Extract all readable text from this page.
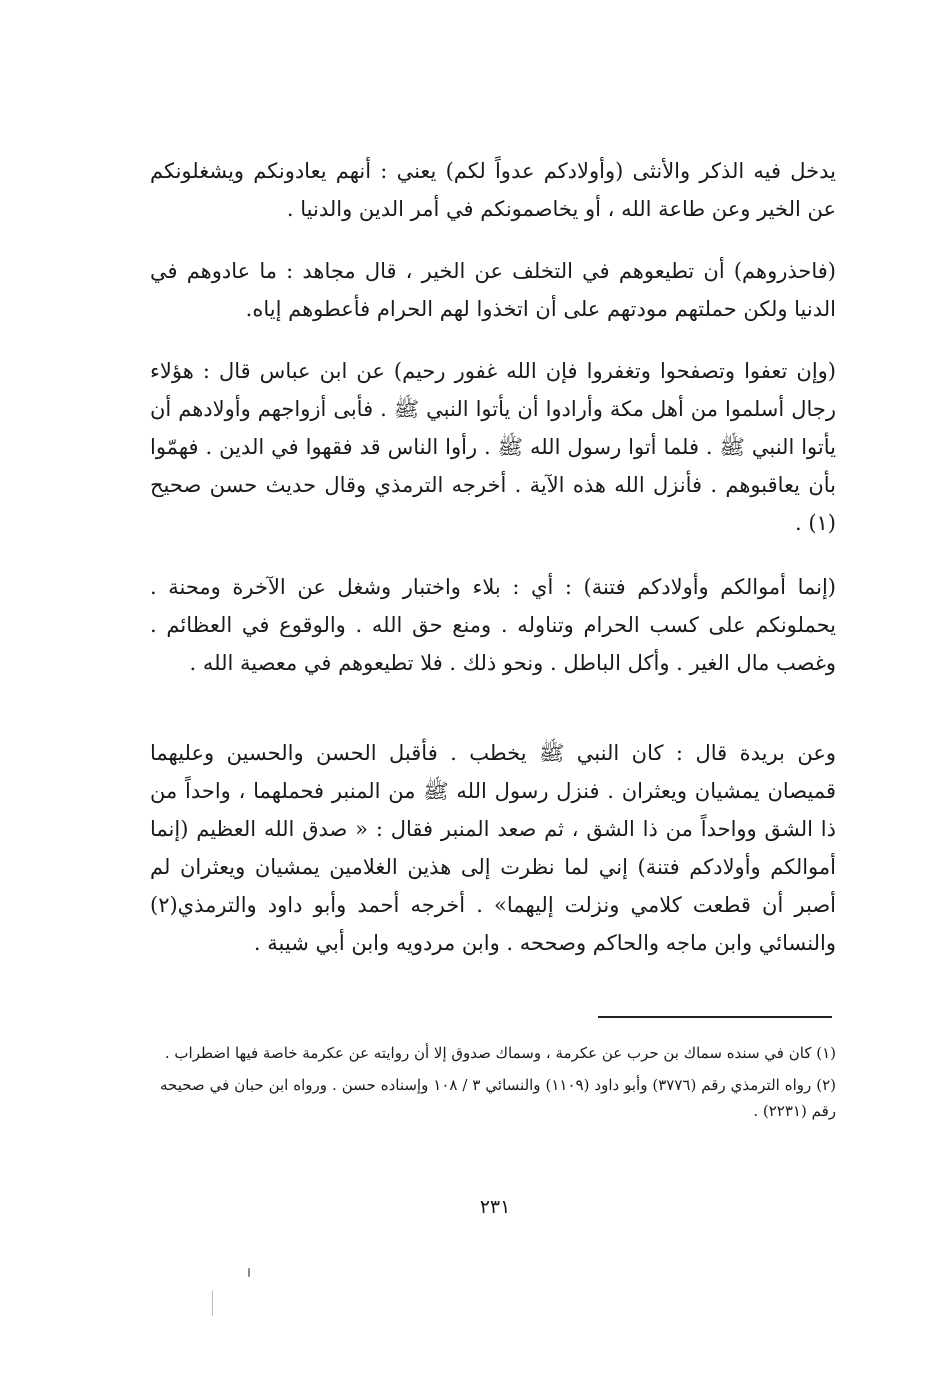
يدخل فيه الذكر والأنثى (وأولادكم عدواً لكم) يعني : أنهم يعادونكم ويشغلونكم عن الخير وعن طاعة الله ، أو يخاصمونكم في أمر الدين والدنيا .

(فاحذروهم) أن تطيعوهم في التخلف عن الخير ، قال مجاهد : ما عادوهم في الدنيا ولكن حملتهم مودتهم على أن اتخذوا لهم الحرام فأعطوهم إياه.

(وإن تعفوا وتصفحوا وتغفروا فإن الله غفور رحيم) عن ابن عباس قال : هؤلاء رجال أسلموا من أهل مكة وأرادوا أن يأتوا النبي ﷺ . فأبى أزواجهم وأولادهم أن يأتوا النبي ﷺ . فلما أتوا رسول الله ﷺ . رأوا الناس قد فقهوا في الدين . فهمّوا بأن يعاقبوهم . فأنزل الله هذه الآية . أخرجه الترمذي وقال حديث حسن صحيح (١) .

(إنما أموالكم وأولادكم فتنة) : أي : بلاء واختبار وشغل عن الآخرة ومحنة . يحملونكم على كسب الحرام وتناوله . ومنع حق الله . والوقوع في العظائم . وغصب مال الغير . وأكل الباطل . ونحو ذلك . فلا تطيعوهم في معصية الله .

وعن بريدة قال : كان النبي ﷺ يخطب . فأقبل الحسن والحسين وعليهما قميصان يمشيان ويعثران . فنزل رسول الله ﷺ من المنبر فحملهما ، واحداً من ذا الشق وواحداً من ذا الشق ، ثم صعد المنبر فقال : « صدق الله العظيم (إنما أموالكم وأولادكم فتنة) إني لما نظرت إلى هذين الغلامين يمشيان ويعثران لم أصبر أن قطعت كلامي ونزلت إليهما» . أخرجه أحمد وأبو داود والترمذي(٢) والنسائي وابن ماجه والحاكم وصححه . وابن مردويه وابن أبي شيبة .

(١) كان في سنده سماك بن حرب عن عكرمة ، وسماك صدوق إلا أن روايته عن عكرمة خاصة فيها اضطراب .

(٢) رواه الترمذي رقم (٣٧٧٦) وأبو داود (١١٠٩) والنسائي ٣ / ١٠٨ وإسناده حسن . ورواه ابن حبان في صحيحه رقم (٢٢٣١) .

٢٣١
